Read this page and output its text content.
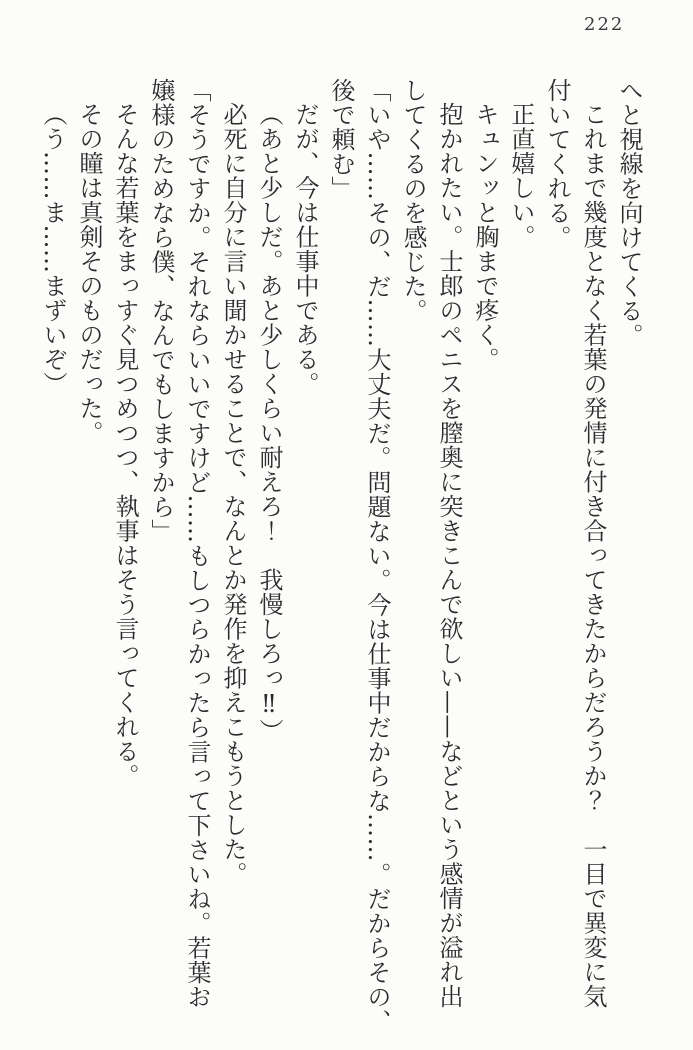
222

へと視線を向けてくる。

これまで幾度となく若葉の発情に付き合ってきたからだろうか？　一目で異変に気

付いてくれる。

正直嬉しい。

キュンッと胸まで疼く。

抱かれたい。士郎のペニスを膣奥に突きこんで欲しい——などという感情が溢れ出

してくるのを感じた。

「いや……その、だ……大丈夫だ。問題ない。今は仕事中だからな……。だからその、

後で頼む」

だが、今は仕事中である。

（あと少しだ。あと少しくらい耐えろ！　我慢しろっ‼）

必死に自分に言い聞かせることで、なんとか発作を抑えこもうとした。

「そうですか。それならいいですけど……もしつらかったら言って下さいね。若葉お

嬢様のためなら僕、なんでもしますから」

そんな若葉をまっすぐ見つめつつ、執事はそう言ってくれる。

その瞳は真剣そのものだった。

（う……ま……まずいぞ）
